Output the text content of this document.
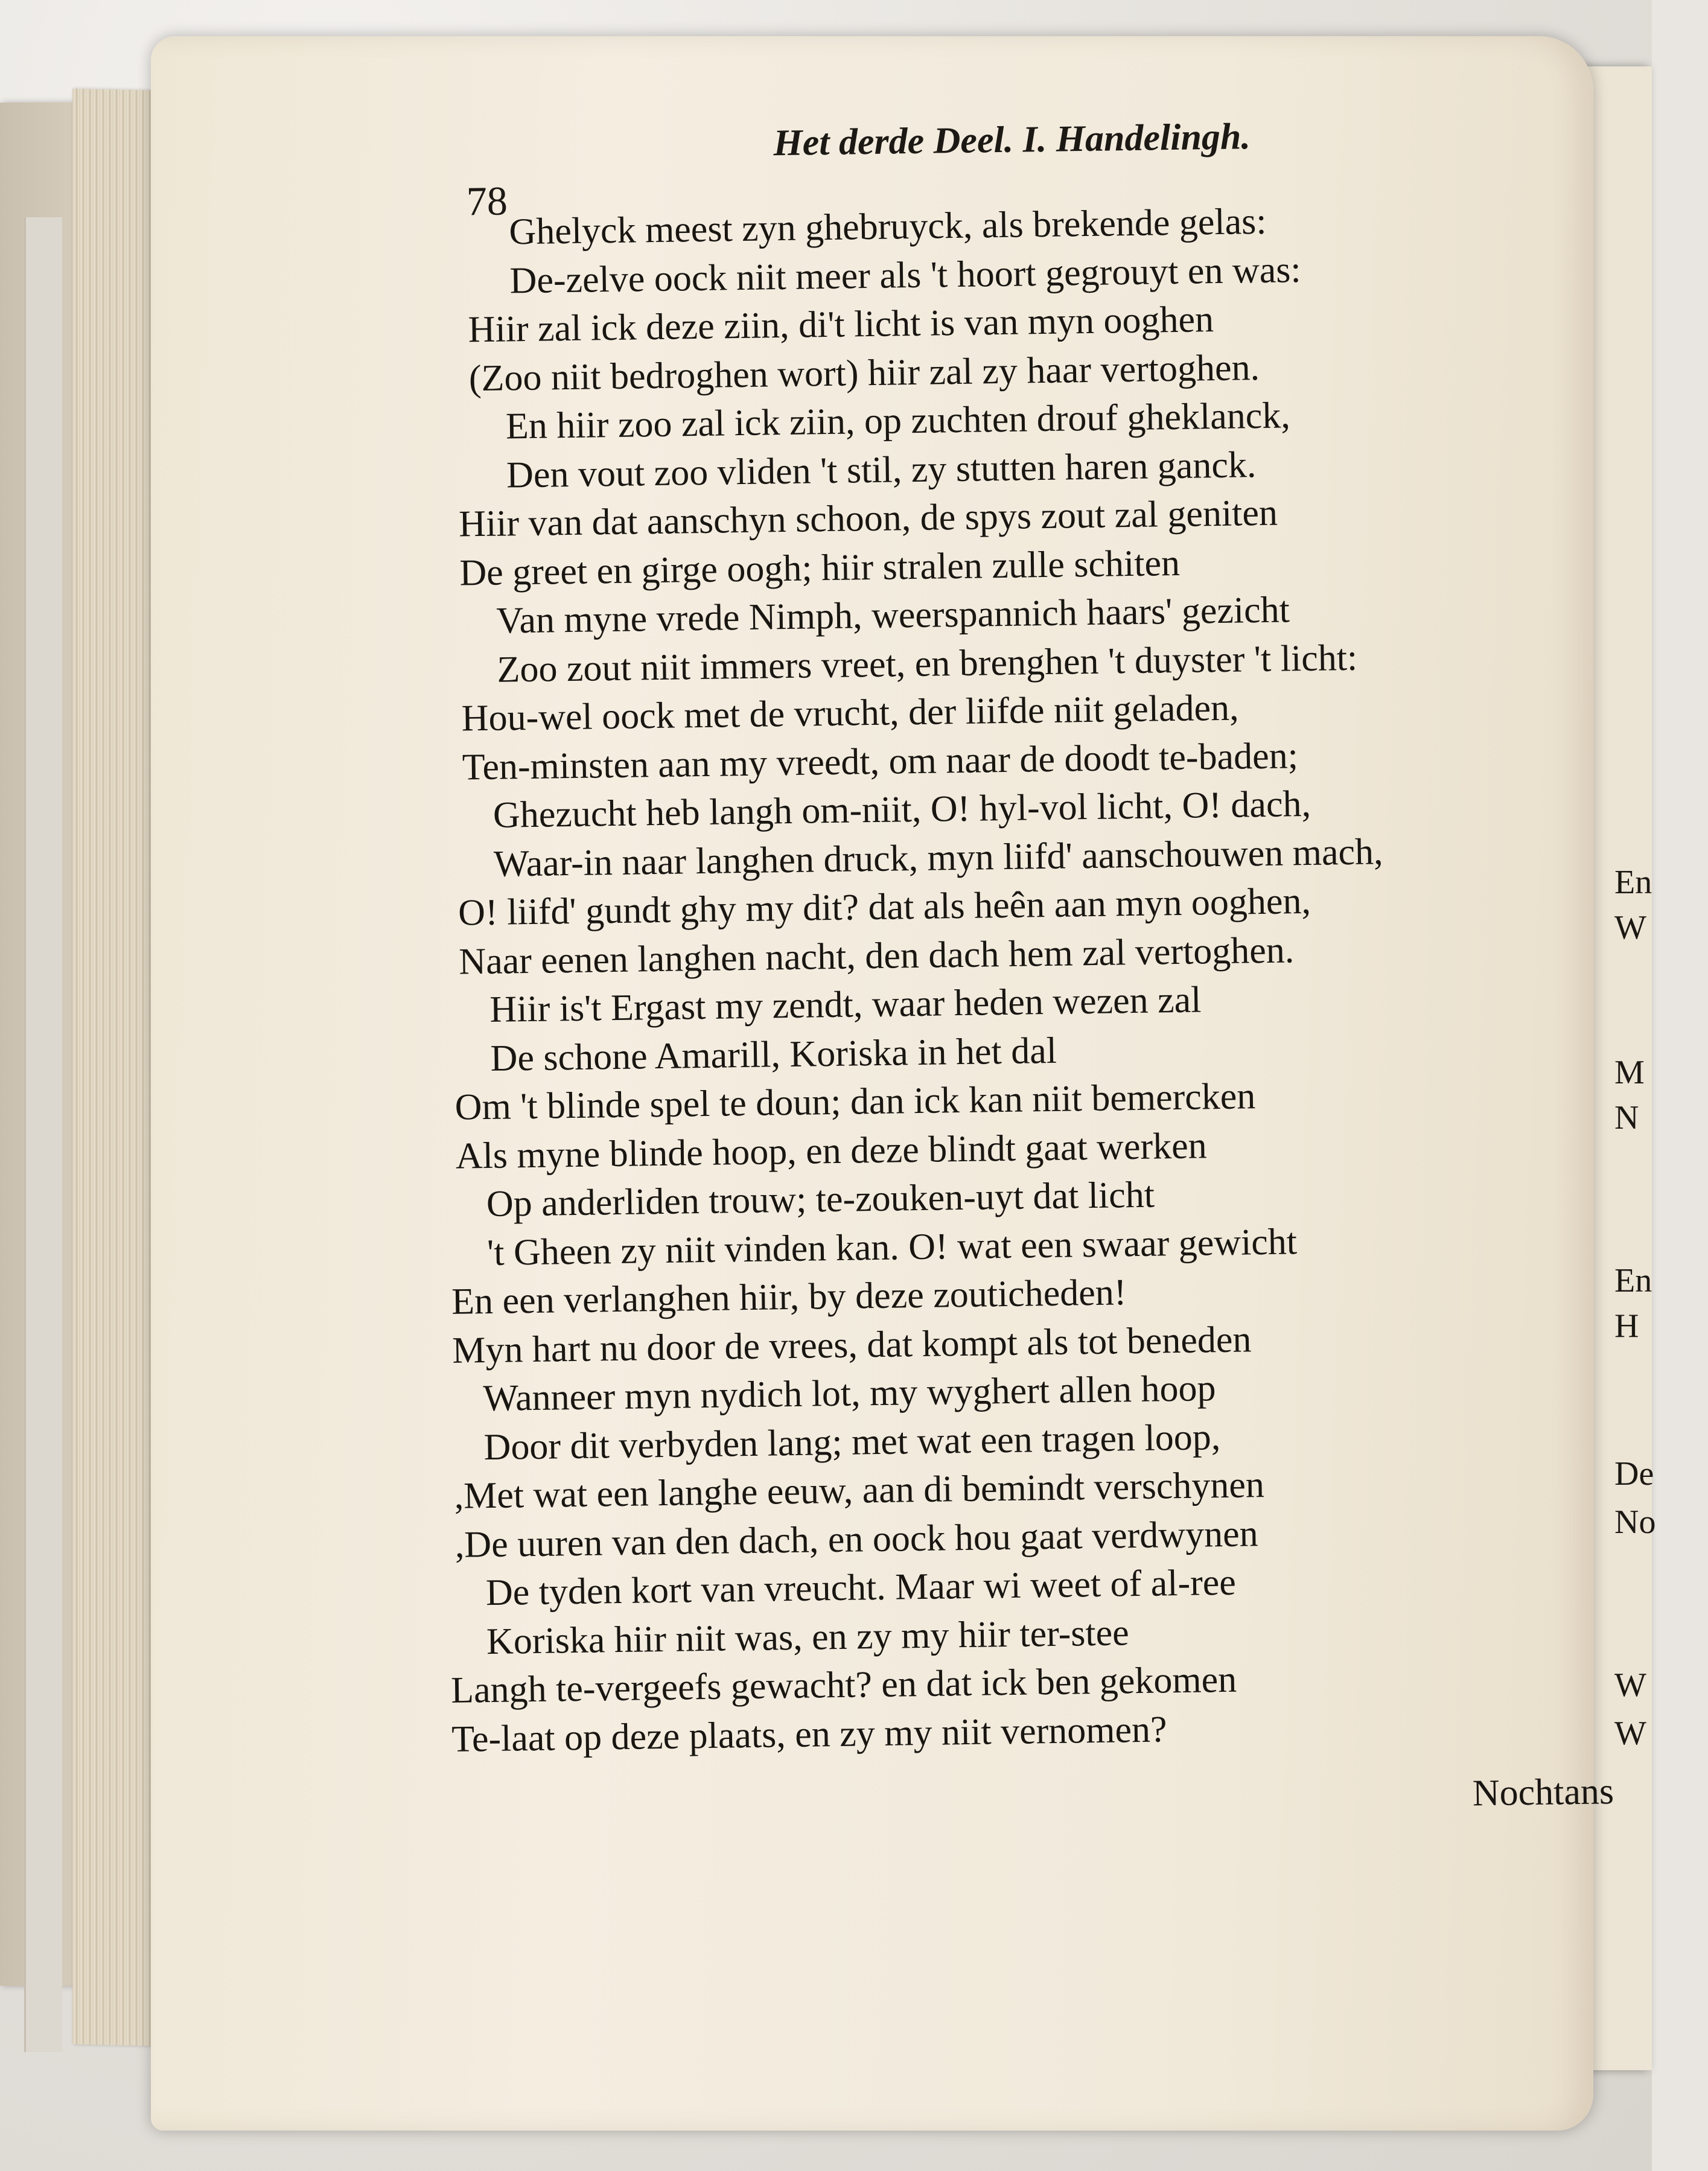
En
W
M
N
En
H
De
No
W
W
Het derde Deel. I. Handelingh.
78 Ghelyck meest zyn ghebruyck, als brekende gelas:
De-zelve oock niit meer als 't hoort gegrouyt en was:
Hiir zal ick deze ziin, di't licht is van myn ooghen
(Zoo niit bedroghen wort) hiir zal zy haar vertoghen.
En hiir zoo zal ick ziin, op zuchten drouf gheklanck,
Den vout zoo vliden 't stil, zy stutten haren ganck.
Hiir van dat aanschyn schoon, de spys zout zal geniten
De greet en girge oogh; hiir stralen zulle schiten
Van myne vrede Nimph, weerspannich haars' gezicht
Zoo zout niit immers vreet, en brenghen 't duyster 't licht:
Hou-wel oock met de vrucht, der liifde niit geladen,
Ten-minsten aan my vreedt, om naar de doodt te-baden;
Ghezucht heb langh om-niit, O! hyl-vol licht, O! dach,
Waar-in naar langhen druck, myn liifd' aanschouwen mach,
O! liifd' gundt ghy my dit? dat als heên aan myn ooghen,
Naar eenen langhen nacht, den dach hem zal vertoghen.
Hiir is't Ergast my zendt, waar heden wezen zal
De schone Amarill, Koriska in het dal
Om 't blinde spel te doun; dan ick kan niit bemercken
Als myne blinde hoop, en deze blindt gaat werken
Op anderliden trouw; te-zouken-uyt dat licht
't Gheen zy niit vinden kan. O! wat een swaar gewicht
En een verlanghen hiir, by deze zouticheden!
Myn hart nu door de vrees, dat kompt als tot beneden
Wanneer myn nydich lot, my wyghert allen hoop
Door dit verbyden lang; met wat een tragen loop,
,Met wat een langhe eeuw, aan di bemindt verschynen
,De uuren van den dach, en oock hou gaat verdwynen
De tyden kort van vreucht. Maar wi weet of al-ree
Koriska hiir niit was, en zy my hiir ter-stee
Langh te-vergeefs gewacht? en dat ick ben gekomen
Te-laat op deze plaats, en zy my niit vernomen?
Nochtans
